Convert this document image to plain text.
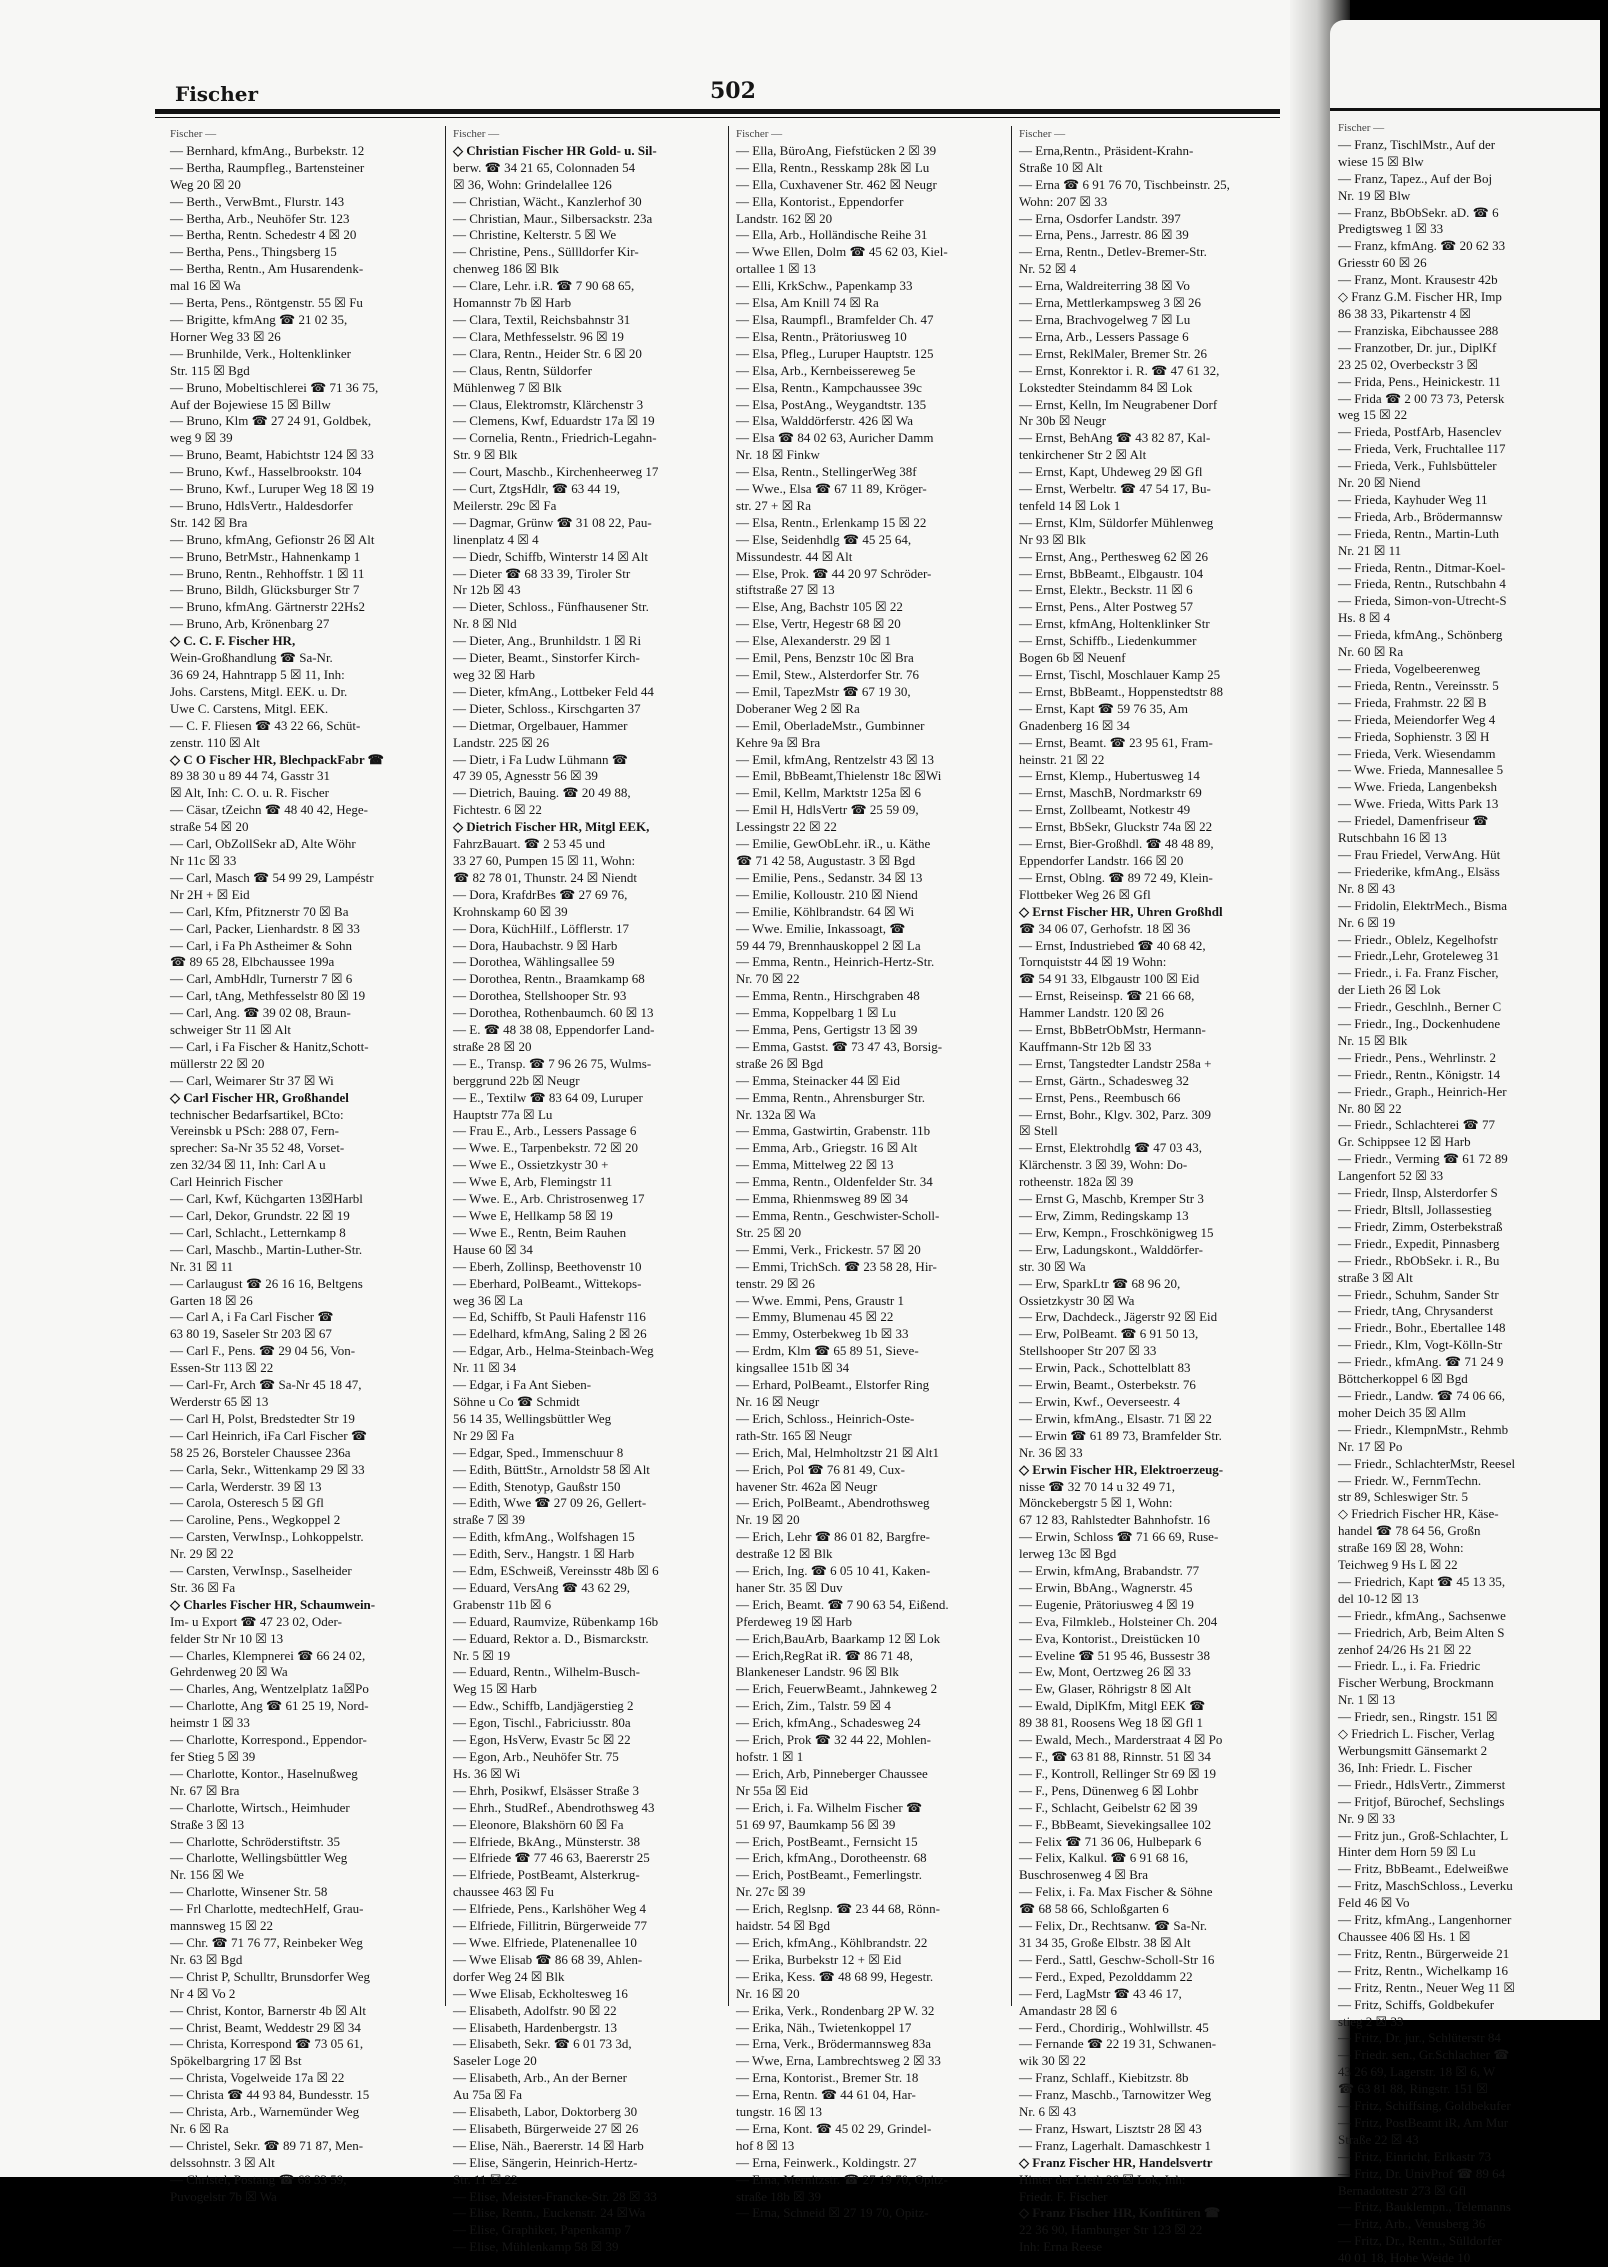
Fischer	502
Fischer —
— Bernhard, kfmAng., Burbekstr. 12
— Bertha, Raumpfleg., Bartensteiner
Weg 20 ☒ 20
— Berth., VerwBmt., Flurstr. 143
— Bertha, Arb., Neuhöfer Str. 123
— Bertha, Rentn. Schedestr 4 ☒ 20
— Bertha, Pens., Thingsberg 15
— Bertha, Rentn., Am Husarendenk-
mal 16 ☒ Wa
— Berta, Pens., Röntgenstr. 55 ☒ Fu
— Brigitte, kfmAng ☎ 21 02 35,
Horner Weg 33 ☒ 26
— Brunhilde, Verk., Holtenklinker
Str. 115 ☒ Bgd
— Bruno, Mobeltischlerei ☎ 71 36 75,
Auf der Bojewiese 15 ☒ Billw
— Bruno, Klm ☎ 27 24 91, Goldbek,
weg 9 ☒ 39
— Bruno, Beamt, Habichtstr 124 ☒ 33
— Bruno, Kwf., Hasselbrookstr. 104
— Bruno, Kwf., Luruper Weg 18 ☒ 19
— Bruno, HdlsVertr., Haldesdorfer
Str. 142 ☒ Bra
— Bruno, kfmAng, Gefionstr 26 ☒ Alt
— Bruno, BetrMstr., Hahnenkamp 1
— Bruno, Rentn., Rehhoffstr. 1 ☒ 11
— Bruno, Bildh, Glücksburger Str 7
— Bruno, kfmAng. Gärtnerstr 22Hs2
— Bruno, Arb, Krönenbarg 27
◇ C. C. F. Fischer HR,
Wein-Großhandlung ☎ Sa-Nr.
36 69 24, Hahntrapp 5 ☒ 11, Inh:
Johs. Carstens, Mitgl. EEK. u. Dr.
Uwe C. Carstens, Mitgl. EEK.
— C. F. Fliesen ☎ 43 22 66, Schüt-
zenstr. 110 ☒ Alt
◇ C O Fischer HR, BlechpackFabr ☎
89 38 30 u 89 44 74, Gasstr 31
☒ Alt, Inh: C. O. u. R. Fischer
— Cäsar, tZeichn ☎ 48 40 42, Hege-
straße 54 ☒ 20
— Carl, ObZollSekr aD, Alte Wöhr
Nr 11c ☒ 33
— Carl, Masch ☎ 54 99 29, Lampéstr
Nr 2H + ☒ Eid
— Carl, Kfm, Pfitznerstr 70 ☒ Ba
— Carl, Packer, Lienhardstr. 8 ☒ 33
— Carl, i Fa Ph Astheimer & Sohn
☎ 89 65 28, Elbchaussee 199a
— Carl, AmbHdlr, Turnerstr 7 ☒ 6
— Carl, tAng, Methfesselstr 80 ☒ 19
— Carl, Ang. ☎ 39 02 08, Braun-
schweiger Str 11 ☒ Alt
— Carl, i Fa Fischer & Hanitz,Schott-
müllerstr 22 ☒ 20
— Carl, Weimarer Str 37 ☒ Wi
◇ Carl Fischer HR, Großhandel
technischer Bedarfsartikel, BCto:
Vereinsbk u PSch: 288 07, Fern-
sprecher: Sa-Nr 35 52 48, Vorset-
zen 32/34 ☒ 11, Inh: Carl A u
Carl Heinrich Fischer
— Carl, Kwf, Küchgarten 13☒Harbl
— Carl, Dekor, Grundstr. 22 ☒ 19
— Carl, Schlacht., Letternkamp 8
— Carl, Maschb., Martin-Luther-Str.
Nr. 31 ☒ 11
— Carlaugust ☎ 26 16 16, Beltgens
Garten 18 ☒ 26
— Carl A, i Fa Carl Fischer ☎
63 80 19, Saseler Str 203 ☒ 67
— Carl F., Pens. ☎ 29 04 56, Von-
Essen-Str 113 ☒ 22
— Carl-Fr, Arch ☎ Sa-Nr 45 18 47,
Werderstr 65 ☒ 13
— Carl H, Polst, Bredstedter Str 19
— Carl Heinrich, iFa Carl Fischer ☎
58 25 26, Borsteler Chaussee 236a
— Carla, Sekr., Wittenkamp 29 ☒ 33
— Carla, Werderstr. 39 ☒ 13
— Carola, Osteresch 5 ☒ Gfl
— Caroline, Pens., Wegkoppel 2
— Carsten, VerwInsp., Lohkoppelstr.
Nr. 29 ☒ 22
— Carsten, VerwInsp., Saselheider
Str. 36 ☒ Fa
◇ Charles Fischer HR, Schaumwein-
Im- u Export ☎ 47 23 02, Oder-
felder Str Nr 10 ☒ 13
— Charles, Klempnerei ☎ 66 24 02,
Gehrdenweg 20 ☒ Wa
— Charles, Ang, Wentzelplatz 1a☒Po
— Charlotte, Ang ☎ 61 25 19, Nord-
heimstr 1 ☒ 33
— Charlotte, Korrespond., Eppendor-
fer Stieg 5 ☒ 39
— Charlotte, Kontor., Haselnußweg
Nr. 67 ☒ Bra
— Charlotte, Wirtsch., Heimhuder
Straße 3 ☒ 13
— Charlotte, Schröderstiftstr. 35
— Charlotte, Wellingsbüttler Weg
Nr. 156 ☒ We
— Charlotte, Winsener Str. 58
— Frl Charlotte, medtechHelf, Grau-
mannsweg 15 ☒ 22
— Chr. ☎ 71 76 77, Reinbeker Weg
Nr. 63 ☒ Bgd
— Christ P, Schulltr, Brunsdorfer Weg
Nr 4 ☒ Vo 2
— Christ, Kontor, Barnerstr 4b ☒ Alt
— Christ, Beamt, Weddestr 29 ☒ 34
— Christa, Korrespond ☎ 73 05 61,
Spökelbargring 17 ☒ Bst
— Christa, Vogelweide 17a ☒ 22
— Christa ☎ 44 93 84, Bundesstr. 15
— Christa, Arb., Warnemünder Weg
Nr. 6 ☒ Ra
— Christel, Sekr. ☎ 89 71 87, Men-
delssohnstr. 3 ☒ Alt
— Christel, Postang ☎ 68 33 59,
Puvogelstr 7b ☒ Wa
Fischer —
◇ Christian Fischer HR Gold- u. Sil-
berw. ☎ 34 21 65, Colonnaden 54
☒ 36, Wohn: Grindelallee 126
— Christian, Wächt., Kanzlerhof 30
— Christian, Maur., Silbersackstr. 23a
— Christine, Kelterstr. 5 ☒ We
— Christine, Pens., Süllldorfer Kir-
chenweg 186 ☒ Blk
— Clare, Lehr. i.R. ☎ 7 90 68 65,
Homannstr 7b ☒ Harb
— Clara, Textil, Reichsbahnstr 31
— Clara, Methfesselstr. 96 ☒ 19
— Clara, Rentn., Heider Str. 6 ☒ 20
— Claus, Rentn, Süldorfer
Mühlenweg 7 ☒ Blk
— Claus, Elektromstr, Klärchenstr 3
— Clemens, Kwf, Eduardstr 17a ☒ 19
— Cornelia, Rentn., Friedrich-Legahn-
Str. 9 ☒ Blk
— Court, Maschb., Kirchenheerweg 17
— Curt, ZtgsHdlr, ☎ 63 44 19,
Meilerstr. 29c ☒ Fa
— Dagmar, Grünw ☎ 31 08 22, Pau-
linenplatz 4 ☒ 4
— Diedr, Schiffb, Winterstr 14 ☒ Alt
— Dieter ☎ 68 33 39, Tiroler Str
Nr 12b ☒ 43
— Dieter, Schloss., Fünfhausener Str.
Nr. 8 ☒ Nld
— Dieter, Ang., Brunhildstr. 1 ☒ Ri
— Dieter, Beamt., Sinstorfer Kirch-
weg 32 ☒ Harb
— Dieter, kfmAng., Lottbeker Feld 44
— Dieter, Schloss., Kirschgarten 37
— Dietmar, Orgelbauer, Hammer
Landstr. 225 ☒ 26
— Dietr, i Fa Ludw Lühmann ☎
47 39 05, Agnesstr 56 ☒ 39
— Dietrich, Bauing. ☎ 20 49 88,
Fichtestr. 6 ☒ 22
◇ Dietrich Fischer HR, Mitgl EEK,
FahrzBauart. ☎ 2 53 45 und
33 27 60, Pumpen 15 ☒ 11, Wohn:
☎ 82 78 01, Thunstr. 24 ☒ Niendt
— Dora, KrafdrBes ☎ 27 69 76,
Krohnskamp 60 ☒ 39
— Dora, KüchHilf., Löfflerstr. 17
— Dora, Haubachstr. 9 ☒ Harb
— Dorothea, Wählingsallee 59
— Dorothea, Rentn., Braamkamp 68
— Dorothea, Stellshooper Str. 93
— Dorothea, Rothenbaumch. 60 ☒ 13
— E. ☎ 48 38 08, Eppendorfer Land-
straße 28 ☒ 20
— E., Transp. ☎ 7 96 26 75, Wulms-
berggrund 22b ☒ Neugr
— E., Textilw ☎ 83 64 09, Luruper
Hauptstr 77a ☒ Lu
— Frau E., Arb., Lessers Passage 6
— Wwe. E., Tarpenbekstr. 72 ☒ 20
— Wwe E., Ossietzkystr 30 +
— Wwe E, Arb, Flemingstr 11
— Wwe. E., Arb. Christrosenweg 17
— Wwe E, Hellkamp 58 ☒ 19
— Wwe E., Rentn, Beim Rauhen
Hause 60 ☒ 34
— Eberh, Zollinsp, Beethovenstr 10
— Eberhard, PolBeamt., Wittekops-
weg 36 ☒ La
— Ed, Schiffb, St Pauli Hafenstr 116
— Edelhard, kfmAng, Saling 2 ☒ 26
— Edgar, Arb., Helma-Steinbach-Weg
Nr. 11 ☒ 34
— Edgar, i Fa Ant Sieben-
Söhne u Co ☎ Schmidt
56 14 35, Wellingsbüttler Weg
Nr 29 ☒ Fa
— Edgar, Sped., Immenschuur 8
— Edith, BüttStr., Arnoldstr 58 ☒ Alt
— Edith, Stenotyp, Gaußstr 150
— Edith, Wwe ☎ 27 09 26, Gellert-
straße 7 ☒ 39
— Edith, kfmAng., Wolfshagen 15
— Edith, Serv., Hangstr. 1 ☒ Harb
— Edm, ESchweiß, Vereinsstr 48b ☒ 6
— Eduard, VersAng ☎ 43 62 29,
Grabenstr 11b ☒ 6
— Eduard, Raumvize, Rübenkamp 16b
— Eduard, Rektor a. D., Bismarckstr.
Nr. 5 ☒ 19
— Eduard, Rentn., Wilhelm-Busch-
Weg 15 ☒ Harb
— Edw., Schiffb, Landjägerstieg 2
— Egon, Tischl., Fabriciusstr. 80a
— Egon, HsVerw, Evastr 5c ☒ 22
— Egon, Arb., Neuhöfer Str. 75
Hs. 36 ☒ Wi
— Ehrh, Posikwf, Elsässer Straße 3
— Ehrh., StudRef., Abendrothsweg 43
— Eleonore, Blakshörn 60 ☒ Fa
— Elfriede, BkAng., Münsterstr. 38
— Elfriede ☎ 77 46 63, Baererstr 25
— Elfriede, PostBeamt, Alsterkrug-
chaussee 463 ☒ Fu
— Elfriede, Pens., Karlshöher Weg 4
— Elfriede, Fillitrin, Bürgerweide 77
— Wwe. Elfriede, Platenenallee 10
— Wwe Elisab ☎ 86 68 39, Ahlen-
dorfer Weg 24 ☒ Blk
— Wwe Elisab, Eckholtesweg 16
— Elisabeth, Adolfstr. 90 ☒ 22
— Elisabeth, Hardenbergstr. 13
— Elisabeth, Sekr. ☎ 6 01 73 3d,
Saseler Loge 20
— Elisabeth, Arb., An der Berner
Au 75a ☒ Fa
— Elisabeth, Labor, Doktorberg 30
— Elisabeth, Bürgerweide 27 ☒ 26
— Elise, Näh., Baererstr. 14 ☒ Harb
— Elise, Sängerin, Heinrich-Hertz-
Str. 11 ☒ 22
— Elise, Meister-Francke-Str. 28 ☒ 33
— Elise, Rentn., Euckenstr. 24 ☒Wa
— Elise, Graphiker, Papenkamp 7
— Elise, Mühlenkamp 58 ☒ 39
Fischer —
— Ella, BüroAng, Fiefstücken 2 ☒ 39
— Ella, Rentn., Resskamp 28k ☒ Lu
— Ella, Cuxhavener Str. 462 ☒ Neugr
— Ella, Kontorist., Eppendorfer
Landstr. 162 ☒ 20
— Ella, Arb., Holländische Reihe 31
— Wwe Ellen, Dolm ☎ 45 62 03, Kiel-
ortallee 1 ☒ 13
— Elli, KrkSchw., Papenkamp 33
— Elsa, Am Knill 74 ☒ Ra
— Elsa, Raumpfl., Bramfelder Ch. 47
— Elsa, Rentn., Prätoriusweg 10
— Elsa, Pfleg., Luruper Hauptstr. 125
— Elsa, Arb., Kernbeissereweg 5e
— Elsa, Rentn., Kampchaussee 39c
— Elsa, PostAng., Weygandtstr. 135
— Elsa, Walddörferstr. 426 ☒ Wa
— Elsa ☎ 84 02 63, Auricher Damm
Nr. 18 ☒ Finkw
— Elsa, Rentn., StellingerWeg 38f
— Wwe., Elsa ☎ 67 11 89, Kröger-
str. 27 + ☒ Ra
— Elsa, Rentn., Erlenkamp 15 ☒ 22
— Else, Seidenhdlg ☎ 45 25 64,
Missundestr. 44 ☒ Alt
— Else, Prok. ☎ 44 20 97 Schröder-
stiftstraße 27 ☒ 13
— Else, Ang, Bachstr 105 ☒ 22
— Else, Vertr, Hegestr 68 ☒ 20
— Else, Alexanderstr. 29 ☒ 1
— Emil, Pens, Benzstr 10c ☒ Bra
— Emil, Stew., Alsterdorfer Str. 76
— Emil, TapezMstr ☎ 67 19 30,
Doberaner Weg 2 ☒ Ra
— Emil, OberladeMstr., Gumbinner
Kehre 9a ☒ Bra
— Emil, kfmAng, Rentzelstr 43 ☒ 13
— Emil, BbBeamt,Thielenstr 18c ☒Wi
— Emil, Kellm, Marktstr 125a ☒ 6
— Emil H, HdlsVertr ☎ 25 59 09,
Lessingstr 22 ☒ 22
— Emilie, GewObLehr. iR., u. Käthe
☎ 71 42 58, Augustastr. 3 ☒ Bgd
— Emilie, Pens., Sedanstr. 34 ☒ 13
— Emilie, Kolloustr. 210 ☒ Niend
— Emilie, Köhlbrandstr. 64 ☒ Wi
— Wwe. Emilie, Inkassoagt, ☎
59 44 79, Brennhauskoppel 2 ☒ La
— Emma, Rentn., Heinrich-Hertz-Str.
Nr. 70 ☒ 22
— Emma, Rentn., Hirschgraben 48
— Emma, Koppelbarg 1 ☒ Lu
— Emma, Pens, Gertigstr 13 ☒ 39
— Emma, Gastst. ☎ 73 47 43, Borsig-
straße 26 ☒ Bgd
— Emma, Steinacker 44 ☒ Eid
— Emma, Rentn., Ahrensburger Str.
Nr. 132a ☒ Wa
— Emma, Gastwirtin, Grabenstr. 11b
— Emma, Arb., Griegstr. 16 ☒ Alt
— Emma, Mittelweg 22 ☒ 13
— Emma, Rentn., Oldenfelder Str. 34
— Emma, Rhienmsweg 89 ☒ 34
— Emma, Rentn., Geschwister-Scholl-
Str. 25 ☒ 20
— Emmi, Verk., Frickestr. 57 ☒ 20
— Emmi, TrichSch. ☎ 23 58 28, Hir-
tenstr. 29 ☒ 26
— Wwe. Emmi, Pens, Graustr 1
— Emmy, Blumenau 45 ☒ 22
— Emmy, Osterbekweg 1b ☒ 33
— Erdm, Klm ☎ 65 89 51, Sieve-
kingsallee 151b ☒ 34
— Erhard, PolBeamt., Elstorfer Ring
Nr. 16 ☒ Neugr
— Erich, Schloss., Heinrich-Oste-
rath-Str. 165 ☒ Neugr
— Erich, Mal, Helmholtzstr 21 ☒ Alt1
— Erich, Pol ☎ 76 81 49, Cux-
havener Str. 462a ☒ Neugr
— Erich, PolBeamt., Abendrothsweg
Nr. 19 ☒ 20
— Erich, Lehr ☎ 86 01 82, Bargfre-
destraße 12 ☒ Blk
— Erich, Ing. ☎ 6 05 10 41, Kaken-
haner Str. 35 ☒ Duv
— Erich, Beamt. ☎ 7 90 63 54, Eißend.
Pferdeweg 19 ☒ Harb
— Erich,BauArb, Baarkamp 12 ☒ Lok
— Erich,RegRat iR. ☎ 86 71 48,
Blankeneser Landstr. 96 ☒ Blk
— Erich, FeuerwBeamt., Jahnkeweg 2
— Erich, Zim., Talstr. 59 ☒ 4
— Erich, kfmAng., Schadesweg 24
— Erich, Prok ☎ 32 44 22, Mohlen-
hofstr. 1 ☒ 1
— Erich, Arb, Pinneberger Chaussee
Nr 55a ☒ Eid
— Erich, i. Fa. Wilhelm Fischer ☎
51 69 97, Baumkamp 56 ☒ 39
— Erich, PostBeamt., Fernsicht 15
— Erich, kfmAng., Dorotheenstr. 68
— Erich, PostBeamt., Femerlingstr.
Nr. 27c ☒ 39
— Erich, Reglsnp. ☎ 23 44 68, Rönn-
haidstr. 54 ☒ Bgd
— Erich, kfmAng., Köhlbrandstr. 22
— Erika, Burbekstr 12 + ☒ Eid
— Erika, Kess. ☎ 48 68 99, Hegestr.
Nr. 16 ☒ 20
— Erika, Verk., Rondenbarg 2P W. 32
— Erika, Näh., Twietenkoppel 17
— Erna, Verk., Brödermannsweg 83a
— Wwe, Erna, Lambrechtsweg 2 ☒ 33
— Erna, Kontorist., Bremer Str. 18
— Erna, Rentn. ☎ 44 61 04, Har-
tungstr. 16 ☒ 13
— Erna, Kont. ☎ 45 02 29, Grindel-
hof 8 ☒ 13
— Erna, Feinwerk., Koldingstr. 27
— Erna, Mernitzstr. ☎ 27 19 70, Opitz-
straße 18b ☒ 39
— Erna, Schneid ☒ 27 19 70, Opitz-
Fischer —
— Erna,Rentn., Präsident-Krahn-
Straße 10 ☒ Alt
— Erna ☎ 6 91 76 70, Tischbeinstr. 25,
Wohn: 207 ☒ 33
— Erna, Osdorfer Landstr. 397
— Erna, Pens., Jarrestr. 86 ☒ 39
— Erna, Rentn., Detlev-Bremer-Str.
Nr. 52 ☒ 4
— Erna, Waldreiterring 38 ☒ Vo
— Erna, Mettlerkampsweg 3 ☒ 26
— Erna, Brachvogelweg 7 ☒ Lu
— Erna, Arb., Lessers Passage 6
— Ernst, ReklMaler, Bremer Str. 26
— Ernst, Konrektor i. R. ☎ 47 61 32,
Lokstedter Steindamm 84 ☒ Lok
— Ernst, Kelln, Im Neugrabener Dorf
Nr 30b ☒ Neugr
— Ernst, BehAng ☎ 43 82 87, Kal-
tenkirchener Str 2 ☒ Alt
— Ernst, Kapt, Uhdeweg 29 ☒ Gfl
— Ernst, Werbeltr. ☎ 47 54 17, Bu-
tenfeld 14 ☒ Lok 1
— Ernst, Klm, Süldorfer Mühlenweg
Nr 93 ☒ Blk
— Ernst, Ang., Perthesweg 62 ☒ 26
— Ernst, BbBeamt., Elbgaustr. 104
— Ernst, Elektr., Beckstr. 11 ☒ 6
— Ernst, Pens., Alter Postweg 57
— Ernst, kfmAng, Holtenklinker Str
— Ernst, Schiffb., Liedenkummer
Bogen 6b ☒ Neuenf
— Ernst, Tischl, Moschlauer Kamp 25
— Ernst, BbBeamt., Hoppenstedtstr 88
— Ernst, Kapt ☎ 59 76 35, Am
Gnadenberg 16 ☒ 34
— Ernst, Beamt. ☎ 23 95 61, Fram-
heinstr. 21 ☒ 22
— Ernst, Klemp., Hubertusweg 14
— Ernst, MaschB, Nordmarkstr 69
— Ernst, Zollbeamt, Notkestr 49
— Ernst, BbSekr, Gluckstr 74a ☒ 22
— Ernst, Bier-Großhdl. ☎ 48 48 89,
Eppendorfer Landstr. 166 ☒ 20
— Ernst, Oblng. ☎ 89 72 49, Klein-
Flottbeker Weg 26 ☒ Gfl
◇ Ernst Fischer HR, Uhren Großhdl
☎ 34 06 07, Gerhofstr. 18 ☒ 36
— Ernst, Industriebed ☎ 40 68 42,
Tornquiststr 44 ☒ 19 Wohn:
☎ 54 91 33, Elbgaustr 100 ☒ Eid
— Ernst, Reiseinsp. ☎ 21 66 68,
Hammer Landstr. 120 ☒ 26
— Ernst, BbBetrObMstr, Hermann-
Kauffmann-Str 12b ☒ 33
— Ernst, Tangstedter Landstr 258a +
— Ernst, Gärtn., Schadesweg 32
— Ernst, Pens., Reembusch 66
— Ernst, Bohr., Klgv. 302, Parz. 309
☒ Stell
— Ernst, Elektrohdlg ☎ 47 03 43,
Klärchenstr. 3 ☒ 39, Wohn: Do-
rotheenstr. 182a ☒ 39
— Ernst G, Maschb, Kremper Str 3
— Erw, Zimm, Redingskamp 13
— Erw, Kempn., Froschkönigweg 15
— Erw, Ladungskont., Walddörfer-
str. 30 ☒ Wa
— Erw, SparkLtr ☎ 68 96 20,
Ossietzkystr 30 ☒ Wa
— Erw, Dachdeck., Jägerstr 92 ☒ Eid
— Erw, PolBeamt. ☎ 6 91 50 13,
Stellshooper Str 207 ☒ 33
— Erwin, Pack., Schottelblatt 83
— Erwin, Beamt., Osterbekstr. 76
— Erwin, Kwf., Oeverseestr. 4
— Erwin, kfmAng., Elsastr. 71 ☒ 22
— Erwin ☎ 61 89 73, Bramfelder Str.
Nr. 36 ☒ 33
◇ Erwin Fischer HR, Elektroerzeug-
nisse ☎ 32 70 14 u 32 49 71,
Mönckebergstr 5 ☒ 1, Wohn:
67 12 83, Rahlstedter Bahnhofstr. 16
— Erwin, Schloss ☎ 71 66 69, Ruse-
lerweg 13c ☒ Bgd
— Erwin, kfmAng, Brabandstr. 77
— Erwin, BbAng., Wagnerstr. 45
— Eugenie, Prätoriusweg 4 ☒ 19
— Eva, Filmkleb., Holsteiner Ch. 204
— Eva, Kontorist., Dreistücken 10
— Eveline ☎ 51 95 46, Bussestr 38
— Ew, Mont, Oertzweg 26 ☒ 33
— Ew, Glaser, Röhrigstr 8 ☒ Alt
— Ewald, DiplKfm, Mitgl EEK ☎
89 38 81, Roosens Weg 18 ☒ Gfl 1
— Ewald, Mech., Marderstraat 4 ☒ Po
— F., ☎ 63 81 88, Rinnstr. 51 ☒ 34
— F., Kontroll, Rellinger Str 69 ☒ 19
— F., Pens, Dünenweg 6 ☒ Lohbr
— F., Schlacht, Geibelstr 62 ☒ 39
— F., BbBeamt, Sievekingsallee 102
— Felix ☎ 71 36 06, Hulbepark 6
— Felix, Kalkul. ☎ 6 91 68 16,
Buschrosenweg 4 ☒ Bra
— Felix, i. Fa. Max Fischer & Söhne
☎ 68 58 66, Schloßgarten 6
— Felix, Dr., Rechtsanw. ☎ Sa-Nr.
31 34 35, Große Elbstr. 38 ☒ Alt
— Ferd., Sattl, Geschw-Scholl-Str 16
— Ferd., Exped, Pezolddamm 22
— Ferd, LagMstr ☎ 43 46 17,
Amandastr 28 ☒ 6
— Ferd., Chordirig., Wohlwillstr. 45
— Fernande ☎ 22 19 31, Schwanen-
wik 30 ☒ 22
— Franz, Schlaff., Kiebitzstr. 8b
— Franz, Maschb., Tarnowitzer Weg
Nr. 6 ☒ 43
— Franz, Hswart, Lisztstr 28 ☒ 43
— Franz, Lagerhalt. Damaschkestr 1
◇ Franz Fischer HR, Handelsvertr
Hinter der Lieth 26 ☒ Lok, Inh:
Friedr. F. Fischer
◇ Franz Fischer HR, Konfitüren ☎
22 36 90, Hamburger Str 123 ☒ 22
Inh: Erna Reese
Fischer —
— Franz, TischlMstr., Auf der
wiese 15 ☒ Blw
— Franz, Tapez., Auf der Boj
Nr. 19 ☒ Blw
— Franz, BbObSekr. aD. ☎ 6
Predigtsweg 1 ☒ 33
— Franz, kfmAng. ☎ 20 62 33
Griesstr 60 ☒ 26
— Franz, Mont. Krausestr 42b
◇ Franz G.M. Fischer HR, Imp
86 38 33, Pikartenstr 4 ☒
— Franziska, Eibchaussee 288
— Franzotber, Dr. jur., DiplKf
23 25 02, Overbeckstr 3 ☒
— Frida, Pens., Heinickestr. 11
— Frida ☎ 2 00 73 73, Petersk
weg 15 ☒ 22
— Frieda, PostfArb, Hasenclev
— Frieda, Verk, Fruchtallee 117
— Frieda, Verk., Fuhlsbütteler
Nr. 20 ☒ Niend
— Frieda, Kayhuder Weg 11
— Frieda, Arb., Brödermannsw
— Frieda, Rentn., Martin-Luth
Nr. 21 ☒ 11
— Frieda, Rentn., Ditmar-Koel-
— Frieda, Rentn., Rutschbahn 4
— Frieda, Simon-von-Utrecht-S
Hs. 8 ☒ 4
— Frieda, kfmAng., Schönberg
Nr. 60 ☒ Ra
— Frieda, Vogelbeerenweg
— Frieda, Rentn., Vereinsstr. 5
— Frieda, Frahmstr. 22 ☒ B
— Frieda, Meiendorfer Weg 4
— Frieda, Sophienstr. 3 ☒ H
— Frieda, Verk. Wiesendamm
— Wwe. Frieda, Mannesallee 5
— Wwe. Frieda, Langenbeksh
— Wwe. Frieda, Witts Park 13
— Friedel, Damenfriseur ☎
Rutschbahn 16 ☒ 13
— Frau Friedel, VerwAng. Hüt
— Friederike, kfmAng., Elsäss
Nr. 8 ☒ 43
— Fridolin, ElektrMech., Bisma
Nr. 6 ☒ 19
— Friedr., Oblelz, Kegelhofstr
— Friedr.,Lehr, Groteleweg 31
— Friedr., i. Fa. Franz Fischer,
der Lieth 26 ☒ Lok
— Friedr., Geschlnh., Berner C
— Friedr., Ing., Dockenhudene
Nr. 15 ☒ Blk
— Friedr., Pens., Wehrlinstr. 2
— Friedr., Rentn., Königstr. 14
— Friedr., Graph., Heinrich-Her
Nr. 80 ☒ 22
— Friedr., Schlachterei ☎ 77
Gr. Schippsee 12 ☒ Harb
— Friedr., Verming ☎ 61 72 89
Langenfort 52 ☒ 33
— Friedr, Ilnsp, Alsterdorfer S
— Friedr, Bltsll, Jollassestieg
— Friedr, Zimm, Osterbekstraß
— Friedr., Expedit, Pinnasberg
— Friedr., RbObSekr. i. R., Bu
straße 3 ☒ Alt
— Friedr., Schuhm, Sander Str
— Friedr, tAng, Chrysanderst
— Friedr., Bohr., Ebertallee 148
— Friedr., Klm, Vogt-Kölln-Str
— Friedr., kfmAng. ☎ 71 24 9
Böttcherkoppel 6 ☒ Bgd
— Friedr., Landw. ☎ 74 06 66,
moher Deich 35 ☒ Allm
— Friedr., KlempnMstr., Rehmb
Nr. 17 ☒ Po
— Friedr., SchlachterMstr, Reesel
— Friedr. W., FernmTechn.
str 89, Schleswiger Str. 5
◇ Friedrich Fischer HR, Käse-
handel ☎ 78 64 56, Großn
straße 169 ☒ 28, Wohn:
Teichweg 9 Hs L ☒ 22
— Friedrich, Kapt ☎ 45 13 35,
del 10-12 ☒ 13
— Friedr., kfmAng., Sachsenwe
— Friedrich, Arb, Beim Alten S
zenhof 24/26 Hs 21 ☒ 22
— Friedr. L., i. Fa. Friedric
Fischer Werbung, Brockmann
Nr. 1 ☒ 13
— Friedr, sen., Ringstr. 151 ☒
◇ Friedrich L. Fischer, Verlag
Werbungsmitt Gänsemarkt 2
36, Inh: Friedr. L. Fischer
— Friedr., HdlsVertr., Zimmerst
— Fritjof, Bürochef, Sechslings
Nr. 9 ☒ 33
— Fritz jun., Groß-Schlachter, L
Hinter dem Horn 59 ☒ Lu
— Fritz, BbBeamt., Edelweißwe
— Fritz, MaschSchloss., Leverku
Feld 46 ☒ Vo
— Fritz, kfmAng., Langenhorner
Chaussee 406 ☒ Hs. 1 ☒
— Fritz, Rentn., Bürgerweide 21
— Fritz, Rentn., Wichelkamp 16
— Fritz, Rentn., Neuer Weg 11 ☒
— Fritz, Schiffs, Goldbekufer
stieg 2 ☒ 33
— Fritz, Dr. jur., Schlüterstr 84
— Friedr. sen., Gr.Schlachter ☎
43 26 69, Lagerstr. 18 ☒ 6, W
☎ 63 81 88, Ringstr. 151 ☒
— Fritz, Schiffsing, Goldbekufer
— Fritz, PostBeamt iR, Am Mur
Straße 22 ☒ 43
— Fritz, Einricht, Erlkastr 73
— Fritz, Dr. UnivProf ☎ 89 64
Bernadottestr 273 ☒ Gfl
— Fritz, Bauklempn., Telemanns
— Fritz, Arb., Venusberg 36
— Fritz, Dr., Rentn., Sülldorfer
40 01 18, Hohe Weide 10
